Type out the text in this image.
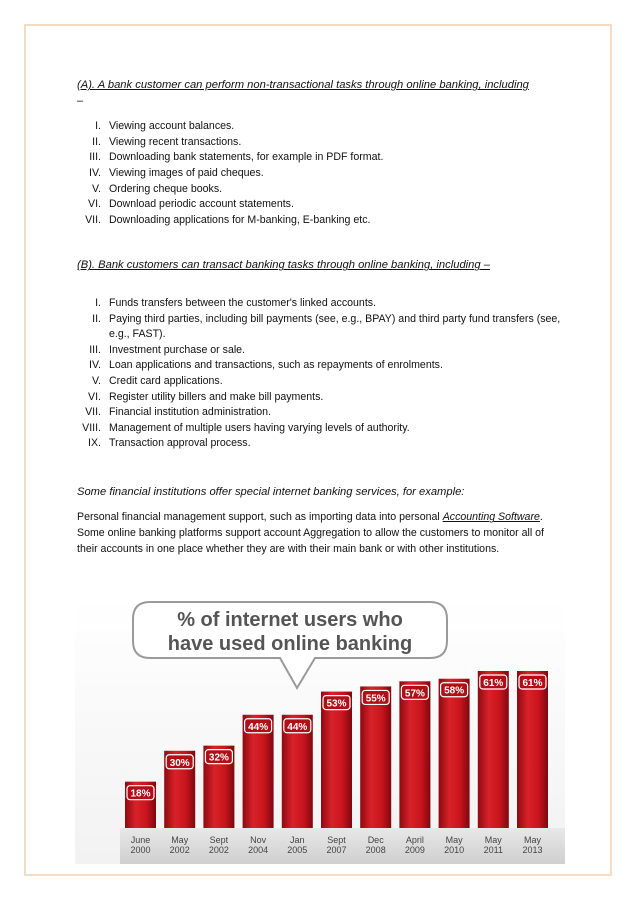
(A). A bank customer can perform non-transactional tasks through online banking, including

–

I. Viewing account balances.
II. Viewing recent transactions.
III. Downloading bank statements, for example in PDF format.
IV. Viewing images of paid cheques.
V. Ordering cheque books.
VI. Download periodic account statements.
VII. Downloading applications for M-banking, E-banking etc.

(B). Bank customers can transact banking tasks through online banking, including –

I. Funds transfers between the customer's linked accounts.
II. Paying third parties, including bill payments (see, e.g., BPAY) and third party fund transfers (see, e.g., FAST).
III. Investment purchase or sale.
IV. Loan applications and transactions, such as repayments of enrolments.
V. Credit card applications.
VI. Register utility billers and make bill payments.
VII. Financial institution administration.
VIII. Management of multiple users having varying levels of authority.
IX. Transaction approval process.

Some financial institutions offer special internet banking services, for example:

Personal financial management support, such as importing data into personal Accounting Software. Some online banking platforms support account Aggregation to allow the customers to monitor all of their accounts in one place whether they are with their main bank or with other institutions.

% of internet users who
have used online banking
18%
June
2000
30%
May
2002
32%
Sept
2002
44%
Nov
2004
44%
Jan
2005
53%
Sept
2007
55%
Dec
2008
57%
April
2009
58%
May
2010
61%
May
2011
61%
May
2013
